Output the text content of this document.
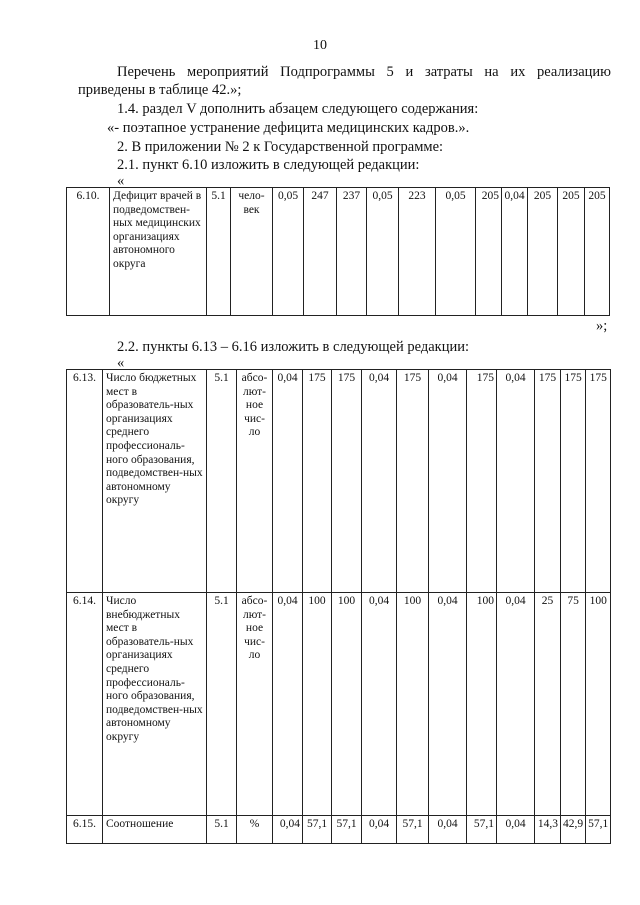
10
Перечень мероприятий Подпрограммы 5 и затраты на их реализацию
приведены в таблице 42.»;
1.4. раздел V дополнить абзацем следующего содержания:
«- поэтапное устранение дефицита медицинских кадров.».
2. В приложении № 2 к Государственной программе:
2.1. пункт 6.10 изложить в следующей редакции:
«
6.10.	Дефицит врачей в подведомствен-ных медицинских организациях автономного округа	5.1	чело-век	0,05	247	237	0,05	223	0,05	205	0,04	205	205	205
»;
2.2. пункты 6.13 – 6.16 изложить в следующей редакции:
«
6.13.	Число бюджетных мест в образователь-ных организациях среднего профессиональ-ного образования, подведомствен-ных автономному округу	5.1	абсо-лют-ное чис-ло	0,04	175	175	0,04	175	0,04	175	0,04	175	175	175
6.14.	Число внебюджетных мест в образователь-ных организациях среднего профессиональ-ного образования, подведомствен-ных автономному округу	5.1	абсо-лют-ное чис-ло	0,04	100	100	0,04	100	0,04	100	0,04	25	75	100
6.15.	Соотношение	5.1	%	0,04	57,1	57,1	0,04	57,1	0,04	57,1	0,04	14,3	42,9	57,1
